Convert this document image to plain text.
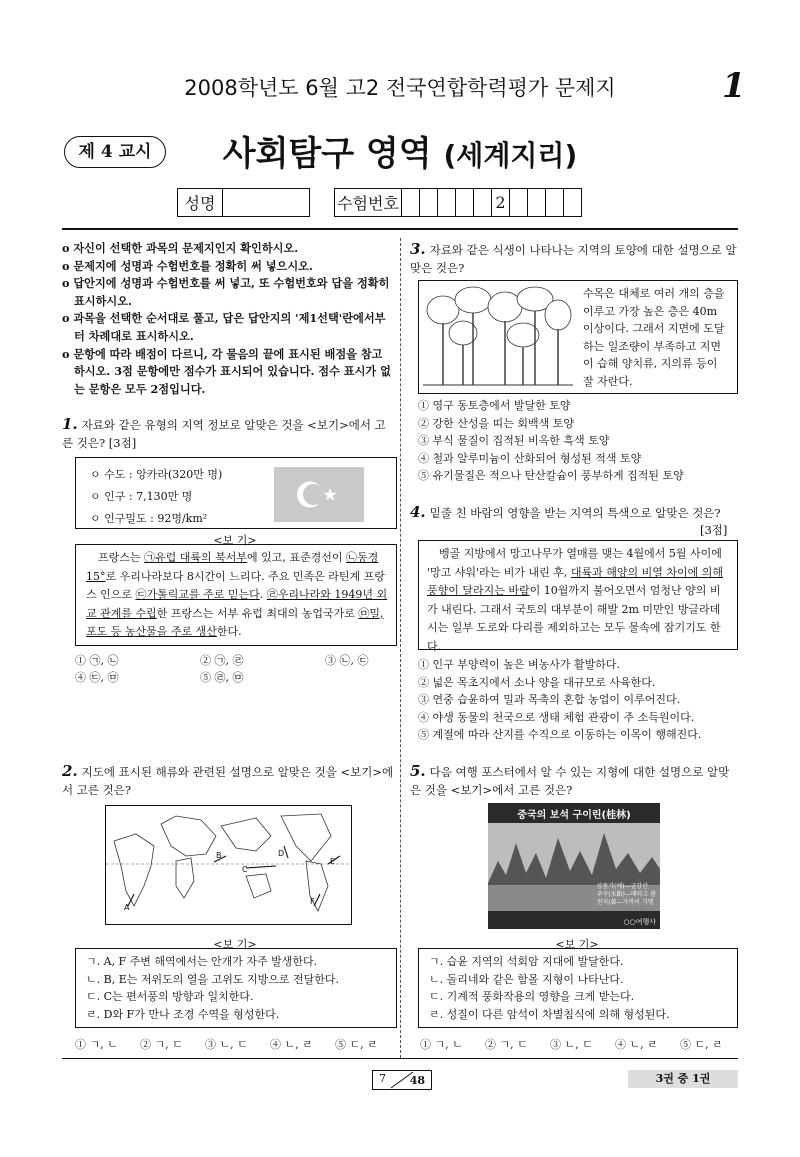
2008학년도 6월 고2 전국연합학력평가 문제지	1
제 4 교시	사회탐구 영역 (세계지리)
성명			수험번호						2				
o 자신이 선택한 과목의 문제지인지 확인하시오.
o 문제지에 성명과 수험번호를 정확히 써 넣으시오.
o 답안지에 성명과 수험번호를 써 넣고, 또 수험번호와 답을 정확히 표시하시오.
o 과목을 선택한 순서대로 풀고, 답은 답안지의 '제1선택'란에서부터 차례대로 표시하시오.
o 문항에 따라 배점이 다르니, 각 물음의 끝에 표시된 배점을 참고하시오. 3점 문항에만 점수가 표시되어 있습니다. 점수 표시가 없는 문항은 모두 2점입니다.
1. 자료와 같은 유형의 지역 정보로 알맞은 것을 <보기>에서 고른 것은? [3점]
ㅇ 수도 : 앙카라(320만 명)
ㅇ 인구 : 7,130만 명
ㅇ 인구밀도 : 92명/km²
<보 기>
프랑스는 ㉠유럽 대륙의 북서부에 있고, 표준경선이 ㉡동경 15°로 우리나라보다 8시간이 느리다. 주요 민족은 라틴계 프랑스 인으로 ㉢가톨릭교를 주로 믿는다. ㉣우리나라와 1949년 외교 관계를 수립한 프랑스는 서부 유럽 최대의 농업국가로 ㉤밀, 포도 등 농산물을 주로 생산한다.
① ㉠, ㉡	② ㉠, ㉣	③ ㉡, ㉢
④ ㉢, ㉤	⑤ ㉣, ㉤
2. 지도에 표시된 해류와 관련된 설명으로 알맞은 것을 <보기>에서 고른 것은?
A
B
C
D
E
F
<보 기>
ㄱ. A, F 주변 해역에서는 안개가 자주 발생한다.
ㄴ. B, E는 저위도의 열을 고위도 지방으로 전달한다.
ㄷ. C는 편서풍의 방향과 일치한다.
ㄹ. D와 F가 만나 조경 수역을 형성한다.
① ㄱ, ㄴ ② ㄱ, ㄷ ③ ㄴ, ㄷ ④ ㄴ, ㄹ ⑤ ㄷ, ㄹ
3. 자료와 같은 식생이 나타나는 지역의 토양에 대한 설명으로 알맞은 것은?
수목은 대체로 여러 개의 층을 이루고 가장 높은 층은 40m 이상이다. 그래서 지면에 도달하는 일조량이 부족하고 지면이 습해 양치류, 지의류 등이 잘 자란다.
① 영구 동토층에서 발달한 토양
② 강한 산성을 띠는 회백색 토양
③ 부식 물질이 집적된 비옥한 흑색 토양
④ 철과 알루미늄이 산화되어 형성된 적색 토양
⑤ 유기물질은 적으나 탄산칼슘이 풍부하게 집적된 토양
4. 밑줄 친 바람의 영향을 받는 지역의 특색으로 알맞은 것은?
[3점]
벵골 지방에서 망고나무가 열매를 맺는 4월에서 5월 사이에 '망고 샤워'라는 비가 내린 후, 대륙과 해양의 비열 차이에 의해 풍향이 달라지는 바람이 10월까지 불어오면서 엄청난 양의 비가 내린다. 그래서 국토의 대부분이 해발 2m 미만인 방글라데시는 일부 도로와 다리를 제외하고는 모두 물속에 잠기기도 한다.
① 인구 부양력이 높은 벼농사가 활발하다.
② 넓은 목초지에서 소나 양을 대규모로 사육한다.
③ 연중 습윤하여 밀과 목축의 혼합 농업이 이루어진다.
④ 야생 동물의 천국으로 생태 체험 관광이 주 소득원이다.
⑤ 계절에 따라 산지를 수직으로 이동하는 이목이 행해진다.
5. 다음 여행 포스터에서 알 수 있는 지형에 대한 설명으로 알맞은 것을 <보기>에서 고른 것은?
중국의 보석 구이린(桂林)
상품가(예)—금강산
주구(水路)—배타고 봄
천지(黃—가까이 기행
○○여행사
<보 기>
ㄱ. 습윤 지역의 석회암 지대에 발달한다.
ㄴ. 돌리네와 같은 함몰 지형이 나타난다.
ㄷ. 기계적 풍화작용의 영향을 크게 받는다.
ㄹ. 성질이 다른 암석이 차별침식에 의해 형성된다.
① ㄱ, ㄴ ② ㄱ, ㄷ ③ ㄴ, ㄷ ④ ㄴ, ㄹ ⑤ ㄷ, ㄹ
7 48	3권 중 1권
